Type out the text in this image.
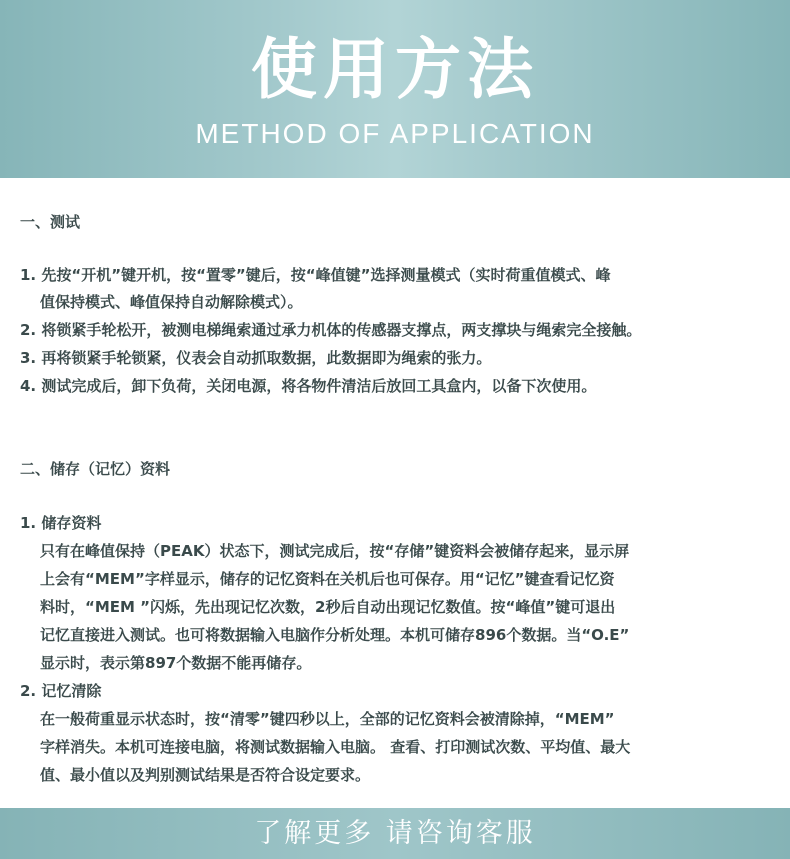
使用方法
METHOD OF APPLICATION
一、测试
1. 先按“开机”键开机，按“置零”键后，按“峰值键”选择测量模式（实时荷重值模式、峰
值保持模式、峰值保持自动解除模式）。
2. 将锁紧手轮松开，被测电梯绳索通过承力机体的传感器支撑点，两支撑块与绳索完全接触。
3. 再将锁紧手轮锁紧，仪表会自动抓取数据，此数据即为绳索的张力。
4. 测试完成后，卸下负荷，关闭电源，将各物件清洁后放回工具盒内，以备下次使用。
二、储存（记忆）资料
1. 储存资料
只有在峰值保持（PEAK）状态下，测试完成后，按“存储”键资料会被储存起来，显示屏
上会有“MEM”字样显示，储存的记忆资料在关机后也可保存。用“记忆”键查看记忆资
料时，“MEM ”闪烁，先出现记忆次数，2秒后自动出现记忆数值。按“峰值”键可退出
记忆直接进入测试。也可将数据输入电脑作分析处理。本机可储存896个数据。当“O.E”
显示时，表示第897个数据不能再储存。
2. 记忆清除
在一般荷重显示状态时，按“清零”键四秒以上，全部的记忆资料会被清除掉，“MEM”
字样消失。本机可连接电脑，将测试数据输入电脑。 查看、打印测试次数、平均值、最大
值、最小值以及判别测试结果是否符合设定要求。
了解更多 请咨询客服
